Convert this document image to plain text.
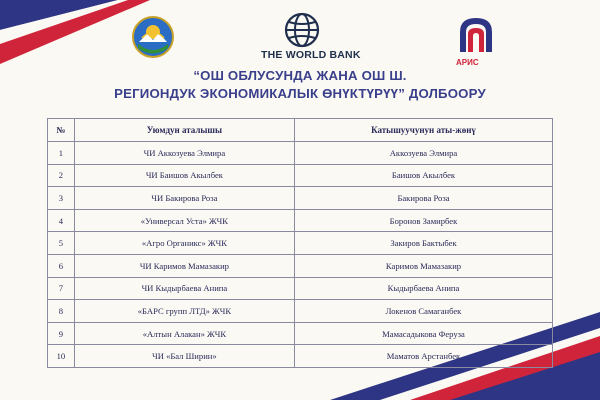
THE WORLD BANK
АРИС
“ОШ ОБЛУСУНДА ЖАНА ОШ Ш.
РЕГИОНДУК ЭКОНОМИКАЛЫК ӨНҮКТҮРҮҮ” ДОЛБООРУ
№	Уюмдун аталышы	Катышуучунун аты-жөнү
1	ЧИ Аккозуева Элмира	Аккозуева Элмира
2	ЧИ Баишов Акылбек	Баишов Акылбек
3	ЧИ Бакирова Роза	Бакирова Роза
4	«Универсал Уста» ЖЧК	Боронов Замирбек
5	«Агро Органикс» ЖЧК	Закиров Бактыбек
6	ЧИ Каримов Мамазакир	Каримов Мамазакир
7	ЧИ Кыдырбаева Анипа	Кыдырбаева Анипа
8	«БАРС групп ЛТД» ЖЧК	Локенов Самаганбек
9	«Алтын Алакан» ЖЧК	Мамасадыкова Феруза
10	ЧИ «Бал Ширин»	Маматов Арстанбек
